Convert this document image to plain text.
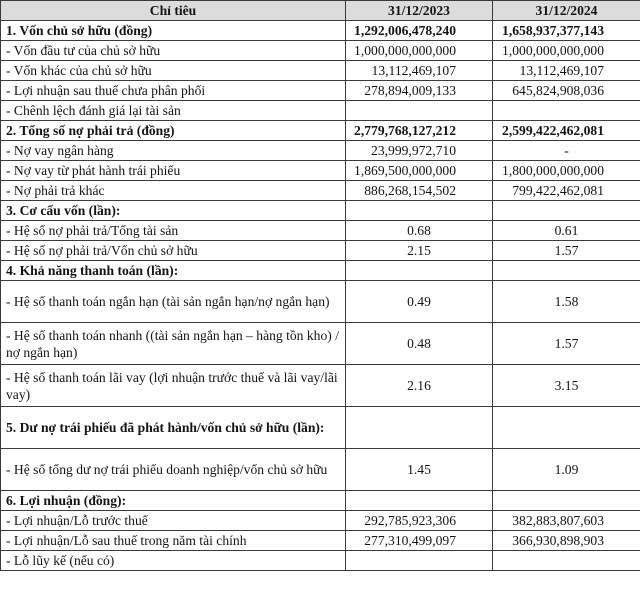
Chỉ tiêu	31/12/2023	31/12/2024
1. Vốn chủ sở hữu (đồng)	1,292,006,478,240	1,658,937,377,143
- Vốn đầu tư của chủ sở hữu	1,000,000,000,000	1,000,000,000,000
- Vốn khác của chủ sở hữu	13,112,469,107	13,112,469,107
- Lợi nhuận sau thuế chưa phân phối	278,894,009,133	645,824,908,036
- Chênh lệch đánh giá lại tài sản		
2. Tổng số nợ phải trả (đồng)	2,779,768,127,212	2,599,422,462,081
- Nợ vay ngân hàng	23,999,972,710	-
- Nợ vay từ phát hành trái phiếu	1,869,500,000,000	1,800,000,000,000
- Nợ phải trả khác	886,268,154,502	799,422,462,081
3. Cơ cấu vốn (lần):		
- Hệ số nợ phải trả/Tổng tài sản	0.68	0.61
- Hệ số nợ phải trả/Vốn chủ sở hữu	2.15	1.57
4. Khả năng thanh toán (lần):		
- Hệ số thanh toán ngắn hạn (tài sản ngắn hạn/nợ ngắn hạn)	0.49	1.58
- Hệ số thanh toán nhanh ((tài sản ngắn hạn – hàng tồn kho) / nợ ngắn hạn)	0.48	1.57
- Hệ số thanh toán lãi vay (lợi nhuận trước thuế và lãi vay/lãi vay)	2.16	3.15
5. Dư nợ trái phiếu đã phát hành/vốn chủ sở hữu (lần):		
- Hệ số tổng dư nợ trái phiếu doanh nghiệp/vốn chủ sở hữu	1.45	1.09
6. Lợi nhuận (đồng):		
- Lợi nhuận/Lỗ trước thuế	292,785,923,306	382,883,807,603
- Lợi nhuận/Lỗ sau thuế trong năm tài chính	277,310,499,097	366,930,898,903
- Lỗ lũy kế (nếu có)		
